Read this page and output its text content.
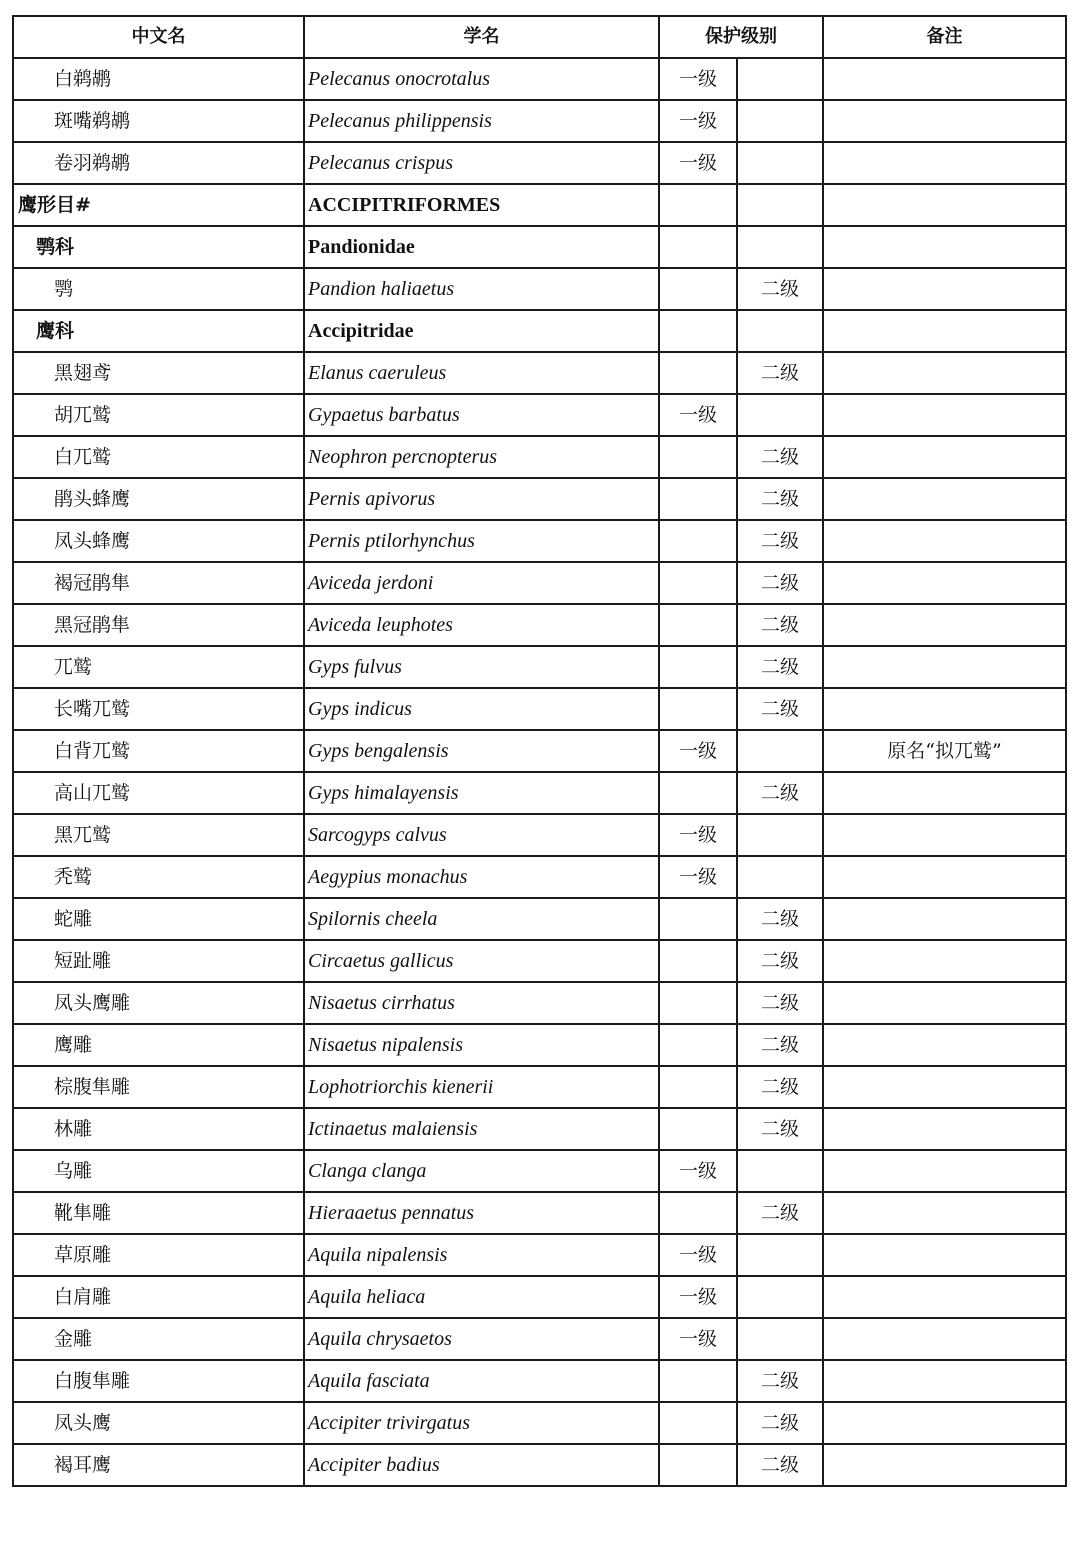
中文名	学名	保护级别		备注
白鹈鹕	Pelecanus onocrotalus	一级		
斑嘴鹈鹕	Pelecanus philippensis	一级		
卷羽鹈鹕	Pelecanus crispus	一级		
鹰形目#	ACCIPITRIFORMES			
鹗科	Pandionidae			
鹗	Pandion haliaetus		二级	
鹰科	Accipitridae			
黑翅鸢	Elanus caeruleus		二级	
胡兀鹫	Gypaetus barbatus	一级		
白兀鹫	Neophron percnopterus		二级	
鹃头蜂鹰	Pernis apivorus		二级	
凤头蜂鹰	Pernis ptilorhynchus		二级	
褐冠鹃隼	Aviceda jerdoni		二级	
黑冠鹃隼	Aviceda leuphotes		二级	
兀鹫	Gyps fulvus		二级	
长嘴兀鹫	Gyps indicus		二级	
白背兀鹫	Gyps bengalensis	一级		原名“拟兀鹫”
高山兀鹫	Gyps himalayensis		二级	
黑兀鹫	Sarcogyps calvus	一级		
秃鹫	Aegypius monachus	一级		
蛇雕	Spilornis cheela		二级	
短趾雕	Circaetus gallicus		二级	
凤头鹰雕	Nisaetus cirrhatus		二级	
鹰雕	Nisaetus nipalensis		二级	
棕腹隼雕	Lophotriorchis kienerii		二级	
林雕	Ictinaetus malaiensis		二级	
乌雕	Clanga clanga	一级		
靴隼雕	Hieraaetus pennatus		二级	
草原雕	Aquila nipalensis	一级		
白肩雕	Aquila heliaca	一级		
金雕	Aquila chrysaetos	一级		
白腹隼雕	Aquila fasciata		二级	
凤头鹰	Accipiter trivirgatus		二级	
褐耳鹰	Accipiter badius		二级	
